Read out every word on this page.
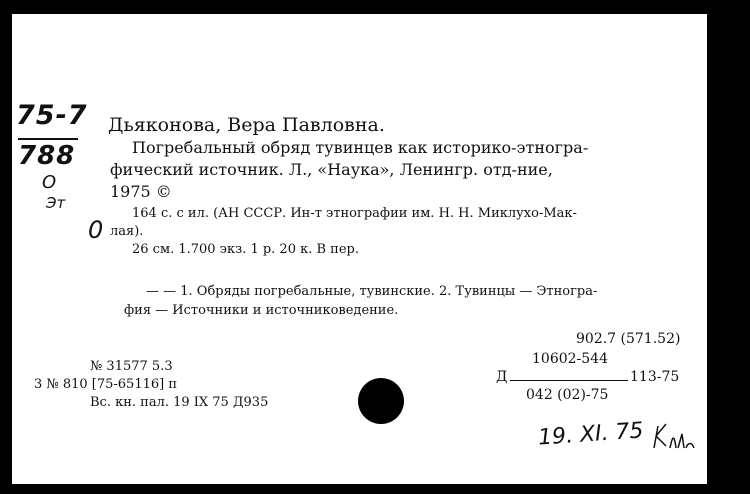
75-7
788
О
Эт
0
Дьяконова, Вера Павловна.
Погребальный обряд тувинцев как историко-этногра-
фический источник. Л., «Наука», Ленингр. отд-ние,
1975 ©
164 с. с ил. (АН СССР. Ин-т этнографии им. Н. Н. Миклухо-Мак-
лая).
26 см. 1.700 экз. 1 р. 20 к. В пер.
— — 1. Обряды погребальные, тувинские. 2. Тувинцы — Этногра-
фия — Источники и источниковедение.
902.7 (571.52)
10602-544
Д	113-75
042 (02)-75
№ 31577 5.3
3 № 810 [75-65116] п
Вс. кн. пал. 19 IX 75 Д935
19. XI. 75
